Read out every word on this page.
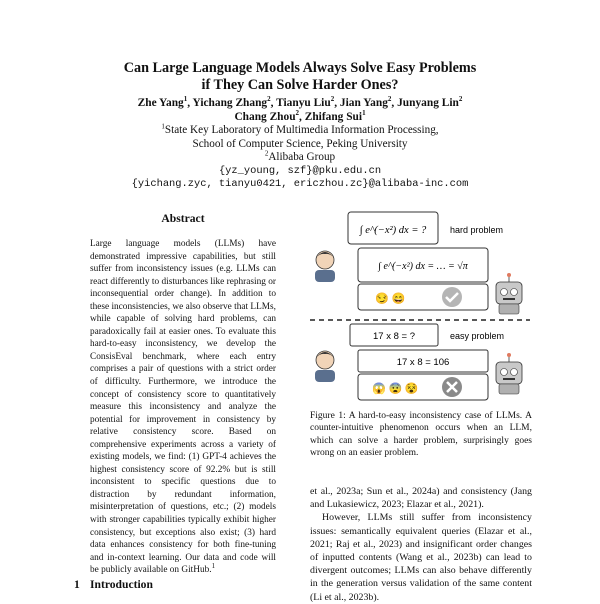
Can Large Language Models Always Solve Easy Problems
if They Can Solve Harder Ones?
Zhe Yang$^1$, Yichang Zhang$^2$, Tianyu Liu$^2$, Jian Yang$^2$, Junyang Lin$^2$
Chang Zhou$^2$, Zhifang Sui$^1$
$^1$State Key Laboratory of Multimedia Information Processing,
School of Computer Science, Peking University
$^2$Alibaba Group
{yz_young, szf}@pku.edu.cn
{yichang.zyc, tianyu0421, ericzhou.zc}@alibaba-inc.com
Abstract
Large language models (LLMs) have demonstrated impressive capabilities, but still suffer from inconsistency issues (e.g. LLMs can react differently to disturbances like rephrasing or inconsequential order change). In addition to these inconsistencies, we also observe that LLMs, while capable of solving hard problems, can paradoxically fail at easier ones. To evaluate this hard-to-easy inconsistency, we develop the ConsisEval benchmark, where each entry comprises a pair of questions with a strict order of difficulty. Furthermore, we introduce the concept of consistency score to quantitatively measure this inconsistency and analyze the potential for improvement in consistency by relative consistency score. Based on comprehensive experiments across a variety of existing models, we find: (1) GPT-4 achieves the highest consistency score of 92.2% but is still inconsistent to specific questions due to distraction by redundant information, misinterpretation of questions, etc.; (2) models with stronger capabilities typically exhibit higher consistency, but exceptions also exist; (3) hard data enhances consistency for both fine-tuning and in-context learning. Our data and code will be publicly available on GitHub.$^1$
1 Introduction
∫ e^(−x²) dx = ?	hard problem
∫ e^(−x²) dx = … = √π
😏 😄
17 x 8 = ?	easy problem
17 x 8 = 106
😱 😨 😵
Figure 1: A hard-to-easy inconsistency case of LLMs. A counter-intuitive phenomenon occurs when an LLM, which can solve a harder problem, surprisingly goes wrong on an easier problem.

et al., 2023a; Sun et al., 2024a) and consistency (Jang and Lukasiewicz, 2023; Elazar et al., 2021).

However, LLMs still suffer from inconsistency issues: semantically equivalent queries (Elazar et al., 2021; Raj et al., 2023) and insignificant order changes of inputted contents (Wang et al., 2023b) can lead to divergent outcomes; LLMs can also behave differently in the generation versus validation of the same content (Li et al., 2023b).
